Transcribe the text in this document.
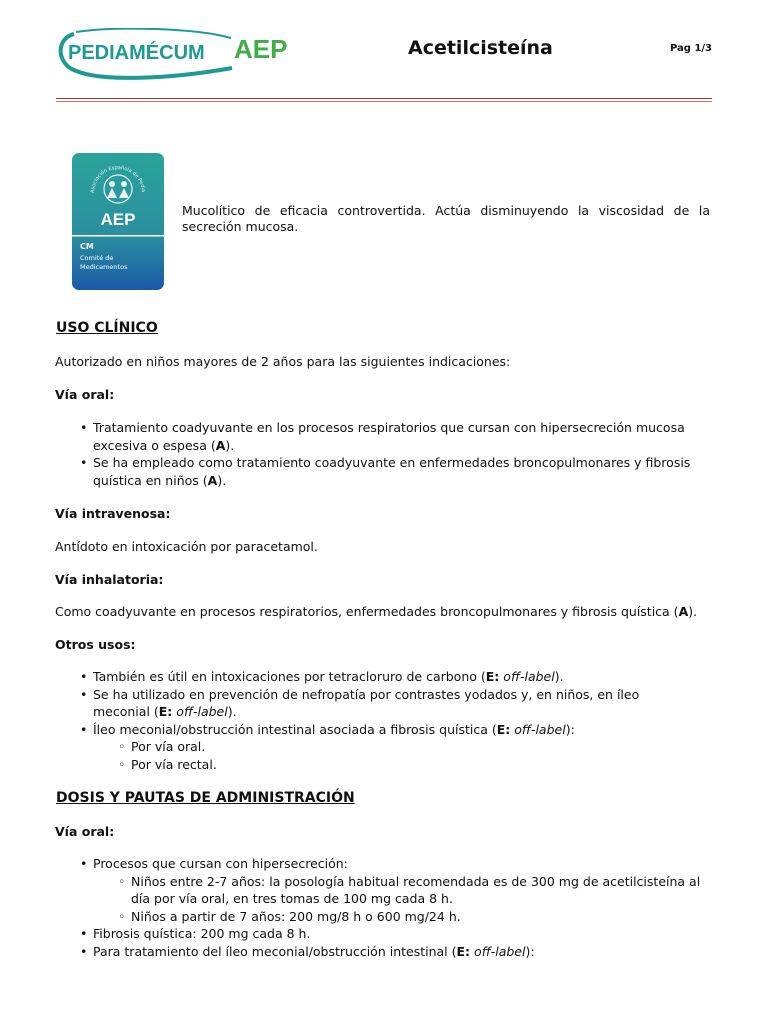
PEDIAMÉCUM AEP	Acetilcisteína	Pag 1/3
Asociación Española de Pedia
AEP
CM
Comité de
Medicamentos
Mucolítico de eficacia controvertida. Actúa disminuyendo la viscosidad de la secreción mucosa.
USO CLÍNICO
Autorizado en niños mayores de 2 años para las siguientes indicaciones:
Vía oral:
• Tratamiento coadyuvante en los procesos respiratorios que cursan con hipersecreción mucosa excesiva o espesa (A).
• Se ha empleado como tratamiento coadyuvante en enfermedades broncopulmonares y fibrosis quística en niños (A).
Vía intravenosa:
Antídoto en intoxicación por paracetamol.
Vía inhalatoria:
Como coadyuvante en procesos respiratorios, enfermedades broncopulmonares y fibrosis quística (A).
Otros usos:
• También es útil en intoxicaciones por tetracloruro de carbono (E: off-label).
• Se ha utilizado en prevención de nefropatía por contrastes yodados y, en niños, en íleo meconial (E: off-label).
• Íleo meconial/obstrucción intestinal asociada a fibrosis quística (E: off-label):
◦ Por vía oral.
◦ Por vía rectal.
DOSIS Y PAUTAS DE ADMINISTRACIÓN
Vía oral:
• Procesos que cursan con hipersecreción:
◦ Niños entre 2-7 años: la posología habitual recomendada es de 300 mg de acetilcisteína al día por vía oral, en tres tomas de 100 mg cada 8 h.
◦ Niños a partir de 7 años: 200 mg/8 h o 600 mg/24 h.
• Fibrosis quística: 200 mg cada 8 h.
• Para tratamiento del íleo meconial/obstrucción intestinal (E: off-label):
